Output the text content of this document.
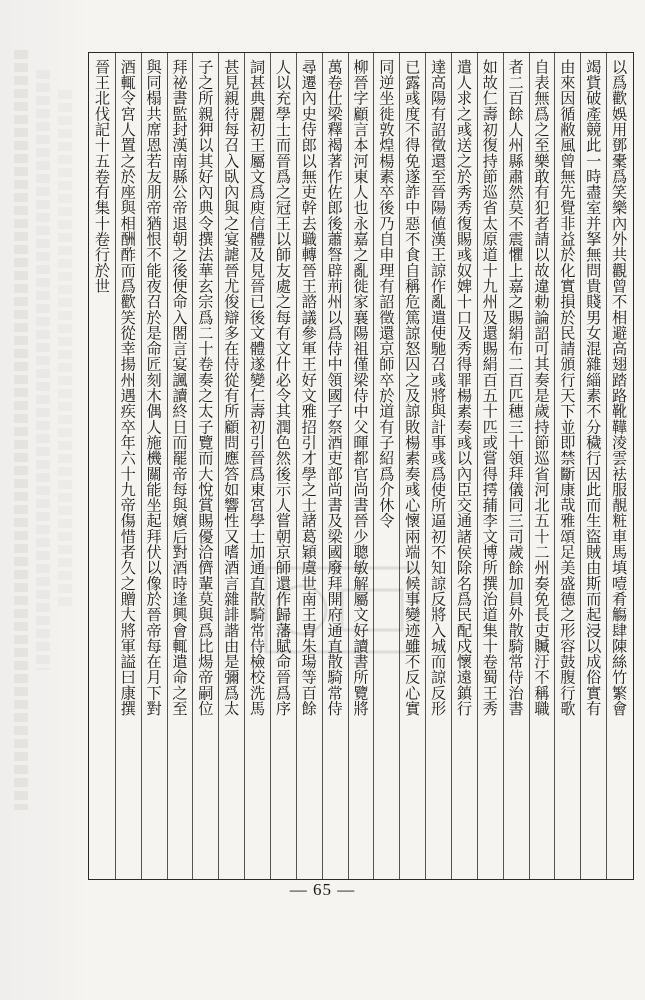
以爲歡娛用鄧㯻爲笑樂內外共觀曾不相避高翅踏路靴鞾淩雲袪服靚粧車馬填噎肴觴肆陳絲竹繁會
竭貲破產競此一時盡室并拏無問貴賤男女混雜緇素不分穢行因此而生盜賊由斯而起浸以成俗實有
由來因循敝風曾無先覺非益於化實損於民請頒行天下並即禁斷康哉雅頌足美盛德之形容鼓腹行歌
自表無爲之至樂敢有犯者請以故違勅論詔可其奏是歲持節巡省河北五十二州奏免長吏贓汙不稱職
者二百餘人州縣肅然莫不震懼上嘉之賜絹布二百匹穗三十領拜儀同三司歲餘加員外散騎常侍治書
如故仁壽初復持節巡省太原道十九州及還賜絹百五十匹或嘗得摴蒱李文博所撰治道集十卷蜀王秀
遣人求之彧送之於秀秀復賜彧奴婢十口及秀得罪楊素奏彧以內臣交通諸侯除名爲民配戍懷遠鎮行
達高陽有詔徵還至晉陽値漢王諒作亂遣使馳召彧將與計事彧爲使所逼初不知諒反將入城而諒反形
已露彧度不得免遂詐中惡不食自稱危篤諒怒囚之及諒敗楊素奏彧心懷兩端以候事變迹雖不反心實
同逆坐徙敦煌楊素卒後乃自申理有詔徵還京師卒於道有子紹爲介休令
柳晉字顧言本河東人也永嘉之亂徙家襄陽祖僅梁侍中父暉都官尚書晉少聰敏解屬文好讀書所覽將
萬卷仕梁釋褐著作佐郎後蕭詧辟荊州以爲侍中領國子祭酒吏部尚書及梁國廢拜開府通直散騎常侍
尋遷內史侍郎以無吏幹去職轉晉王諮議參軍王好文雅招引才學之士諸葛穎虞世南王胄朱瑒等百餘
人以充學士而晉爲之冠王以師友處之每有文什必令其潤色然後示人嘗朝京師還作歸藩賦命晉爲序
詞甚典麗初王屬文爲庾信體及見晉已後文體遂變仁壽初引晉爲東宮學士加通直散騎常侍檢校洗馬
甚見親待每召入臥內與之宴謔晉尤俊辯多在侍從有所顧問應答如響性又嗜酒言雜誹諧由是彌爲太
子之所親狎以其好內典令撰法華玄宗爲二十卷奏之太子覽而大悅賞賜優洽儕輩莫與爲比煬帝嗣位
拜祕書監封漢南縣公帝退朝之後便命入閤言宴諷讀終日而罷帝每與嬪后對酒時逢興會輒遣命之至
與同榻共席恩若友朋帝猶恨不能夜召於是命匠刻木偶人施機關能坐起拜伏以像於晉帝每在月下對
酒輒令宮人置之於座與相酬酢而爲歡笑從幸揚州遇疾卒年六十九帝傷惜者久之贈大將軍謚曰康撰
晉王北伐記十五卷有集十卷行於世
— 65 —
